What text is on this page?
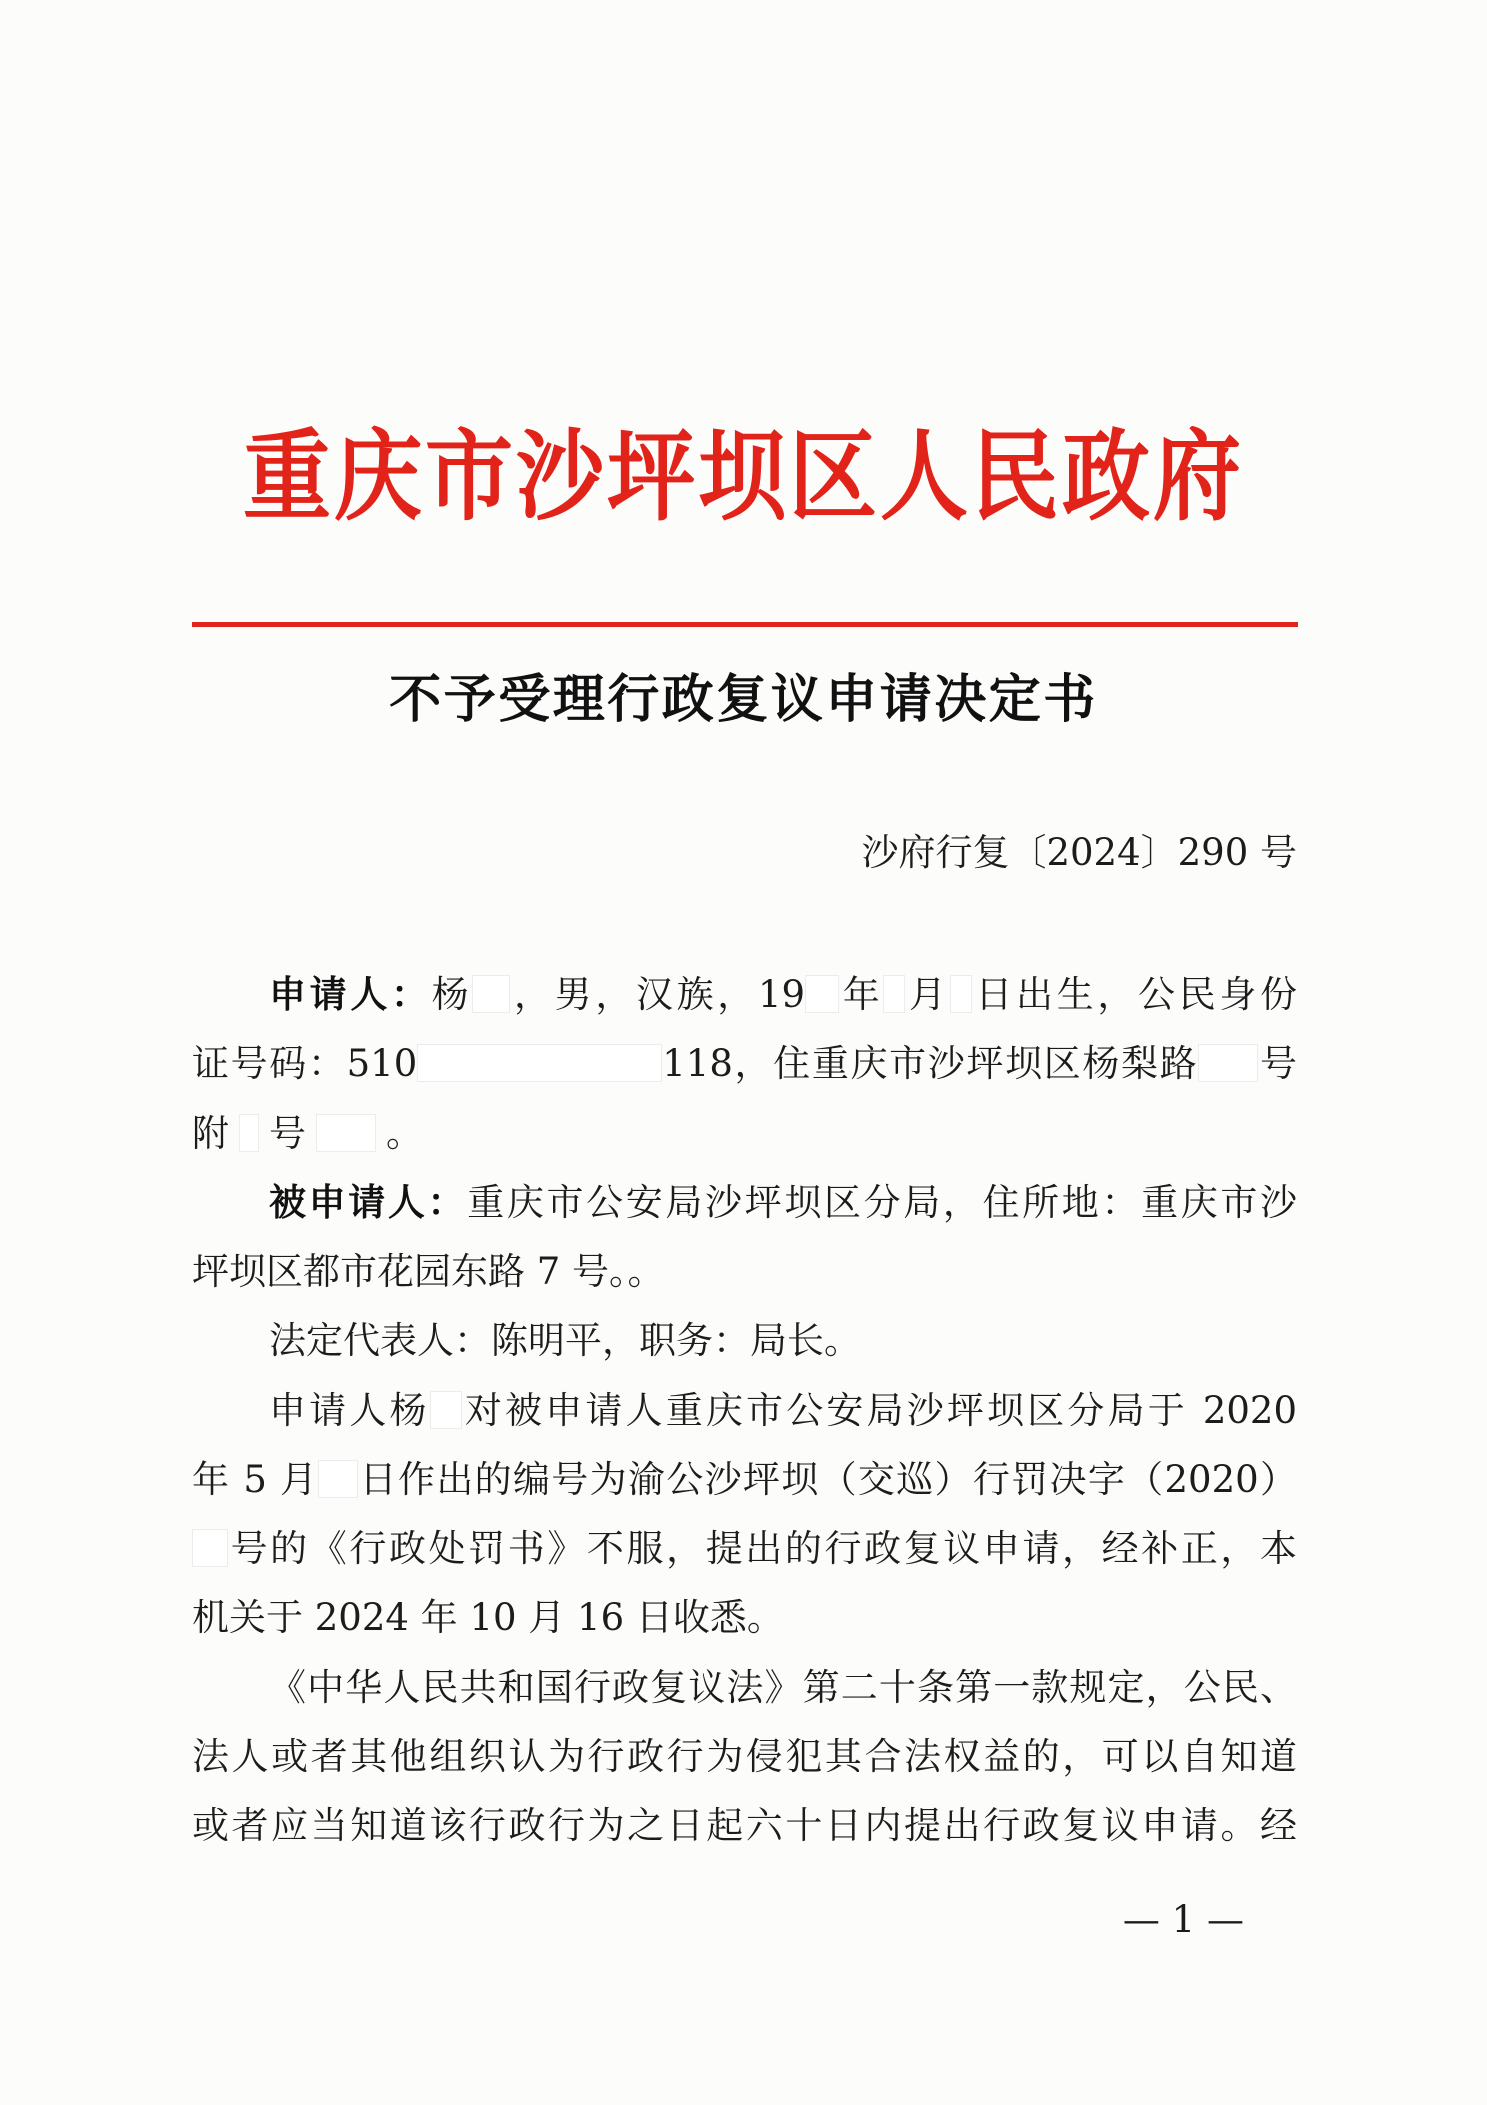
重庆市沙坪坝区人民政府
不予受理行政复议申请决定书
沙府行复〔2024〕290 号
申请人：杨 ，男，汉族，19 年 月 日出生，公民身份
证号码：510	118，住重庆市沙坪坝区杨梨路 号
附 号 。
被申请人：重庆市公安局沙坪坝区分局，住所地：重庆市沙
坪坝区都市花园东路 7 号。。
法定代表人：陈明平，职务：局长。
申请人杨 对被申请人重庆市公安局沙坪坝区分局于 2020
年 5 月 日作出的编号为渝公沙坪坝（交巡）行罚决字（2020）
号的《行政处罚书》不服，提出的行政复议申请，经补正，本
机关于 2024 年 10 月 16 日收悉。
《中华人民共和国行政复议法》第二十条第一款规定，公民、
法人或者其他组织认为行政行为侵犯其合法权益的，可以自知道
或者应当知道该行政行为之日起六十日内提出行政复议申请。经
— 1 —
